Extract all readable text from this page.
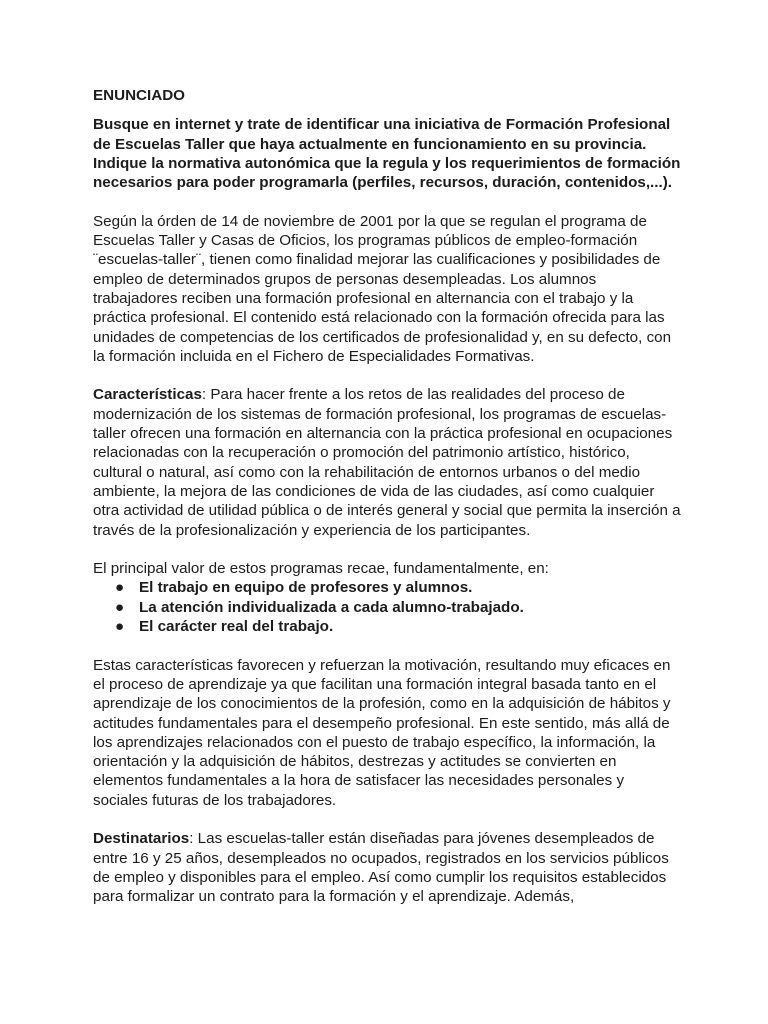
ENUNCIADO
Busque en internet y trate de identificar una iniciativa de Formación Profesional de Escuelas Taller que haya actualmente en funcionamiento en su provincia. Indique la normativa autonómica que la regula y los requerimientos de formación necesarios para poder programarla (perfiles, recursos, duración, contenidos,...).

Según la órden de 14 de noviembre de 2001 por la que se regulan el programa de Escuelas Taller y Casas de Oficios, los programas públicos de empleo-formación ¨escuelas-taller¨, tienen como finalidad mejorar las cualificaciones y posibilidades de empleo de determinados grupos de personas desempleadas. Los alumnos trabajadores reciben una formación profesional en alternancia con el trabajo y la práctica profesional. El contenido está relacionado con la formación ofrecida para las unidades de competencias de los certificados de profesionalidad y, en su defecto, con la formación incluida en el Fichero de Especialidades Formativas.

Características: Para hacer frente a los retos de las realidades del proceso de modernización de los sistemas de formación profesional, los programas de escuelas-taller ofrecen una formación en alternancia con la práctica profesional en ocupaciones relacionadas con la recuperación o promoción del patrimonio artístico, histórico, cultural o natural, así como con la rehabilitación de entornos urbanos o del medio ambiente, la mejora de las condiciones de vida de las ciudades, así como cualquier otra actividad de utilidad pública o de interés general y social que permita la inserción a través de la profesionalización y experiencia de los participantes.

El principal valor de estos programas recae, fundamentalmente, en:
● El trabajo en equipo de profesores y alumnos.
● La atención individualizada a cada alumno-trabajado.
● El carácter real del trabajo.

Estas características favorecen y refuerzan la motivación, resultando muy eficaces en el proceso de aprendizaje ya que facilitan una formación integral basada tanto en el aprendizaje de los conocimientos de la profesión, como en la adquisición de hábitos y actitudes fundamentales para el desempeño profesional. En este sentido, más allá de los aprendizajes relacionados con el puesto de trabajo específico, la información, la orientación y la adquisición de hábitos, destrezas y actitudes se convierten en elementos fundamentales a la hora de satisfacer las necesidades personales y sociales futuras de los trabajadores.

Destinatarios: Las escuelas-taller están diseñadas para jóvenes desempleados de entre 16 y 25 años, desempleados no ocupados, registrados en los servicios públicos de empleo y disponibles para el empleo. Así como cumplir los requisitos establecidos para formalizar un contrato para la formación y el aprendizaje. Además,
